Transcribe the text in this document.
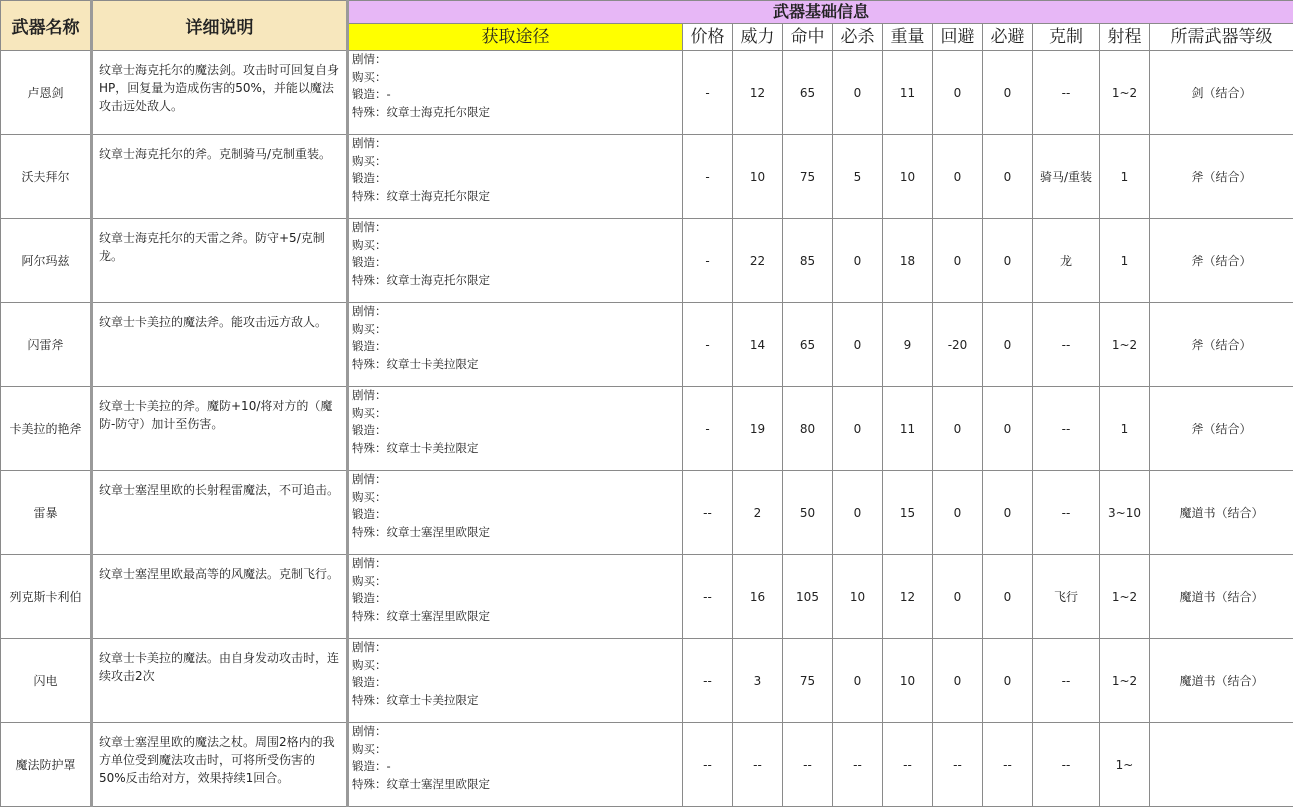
武器名称	详细说明	武器基础信息										
		获取途径	价格	威力	命中	必杀	重量	回避	必避	克制	射程	所需武器等级
卢恩剑	纹章士海克托尔的魔法剑。攻击时可回复自身HP，回复量为造成伤害的50%，并能以魔法攻击远处敌人。	剧情：
购买：
锻造：-
特殊：纹章士海克托尔限定	-	12	65	0	11	0	0	--	1~2	剑（结合）
沃夫拜尔	纹章士海克托尔的斧。克制骑马/克制重装。	剧情：
购买：
锻造：
特殊：纹章士海克托尔限定	-	10	75	5	10	0	0	骑马/重装	1	斧（结合）
阿尔玛兹	纹章士海克托尔的天雷之斧。防守+5/克制龙。	剧情：
购买：
锻造：
特殊：纹章士海克托尔限定	-	22	85	0	18	0	0	龙	1	斧（结合）
闪雷斧	纹章士卡美拉的魔法斧。能攻击远方敌人。	剧情：
购买：
锻造：
特殊：纹章士卡美拉限定	-	14	65	0	9	-20	0	--	1~2	斧（结合）
卡美拉的艳斧	纹章士卡美拉的斧。魔防+10/将对方的（魔防-防守）加计至伤害。	剧情：
购买：
锻造：
特殊：纹章士卡美拉限定	-	19	80	0	11	0	0	--	1	斧（结合）
雷暴	纹章士塞涅里欧的长射程雷魔法，不可追击。	剧情：
购买：
锻造：
特殊：纹章士塞涅里欧限定	--	2	50	0	15	0	0	--	3~10	魔道书（结合）
列克斯卡利伯	纹章士塞涅里欧最高等的风魔法。克制飞行。	剧情：
购买：
锻造：
特殊：纹章士塞涅里欧限定	--	16	105	10	12	0	0	飞行	1~2	魔道书（结合）
闪电	纹章士卡美拉的魔法。由自身发动攻击时，连续攻击2次	剧情：
购买：
锻造：
特殊：纹章士卡美拉限定	--	3	75	0	10	0	0	--	1~2	魔道书（结合）
魔法防护罩	纹章士塞涅里欧的魔法之杖。周围2格内的我方单位受到魔法攻击时，可将所受伤害的50%反击给对方，效果持续1回合。	剧情：
购买：
锻造：-
特殊：纹章士塞涅里欧限定	--	--	--	--	--	--	--	--	1~	
